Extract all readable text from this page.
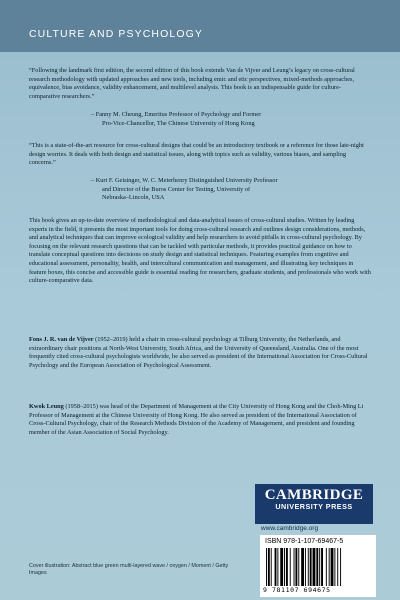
CULTURE AND PSYCHOLOGY
“Following the landmark first edition, the second edition of this book extends Van de Vijver and Leung’s legacy on cross-cultural research methodology with updated approaches and new tools, including emic and etic perspectives, mixed-methods approaches, equivalence, bias avoidance, validity enhancement, and multilevel analysis. This book is an indispensable guide for culture-comparative researchers.”
– Fanny M. Cheung, Emeritus Professor of Psychology and Former
Pro-Vice-Chancellor, The Chinese University of Hong Kong
“This is a state-of-the-art resource for cross-cultural designs that could be an introductory textbook or a reference for those late-night design worries. It deals with both design and statistical issues, along with topics such as validity, various biases, and sampling concerns.”
– Kurt F. Geisinger, W. C. Meierhenry Distinguished University Professor
and Director of the Buros Center for Testing, University of
Nebraska–Lincoln, USA
This book gives an up-to-date overview of methodological and data-analytical issues of cross-cultural studies. Written by leading experts in the field, it presents the most important tools for doing cross-cultural research and outlines design considerations, methods, and analytical techniques that can improve ecological validity and help researchers to avoid pitfalls in cross-cultural psychology. By focusing on the relevant research questions that can be tackled with particular methods, it provides practical guidance on how to translate conceptual questions into decisions on study design and statistical techniques. Featuring examples from cognitive and educational assessment, personality, health, and intercultural communication and management, and illustrating key techniques in feature boxes, this concise and accessible guide is essential reading for researchers, graduate students, and professionals who work with culture-comparative data.
Fons J. R. van de Vijver (1952–2019) held a chair in cross-cultural psychology at Tilburg University, the Netherlands, and extraordinary chair positions at North-West University, South Africa, and the University of Queensland, Australia. One of the most frequently cited cross-cultural psychologists worldwide, he also served as president of the International Association for Cross-Cultural Psychology and the European Association of Psychological Assessment.
Kwok Leung (1958–2015) was head of the Department of Management at the City University of Hong Kong and the Choh-Ming Li Professor of Management at the Chinese University of Hong Kong. He also served as president of the International Association of Cross-Cultural Psychology, chair of the Research Methods Division of the Academy of Management, and president and founding member of the Asian Association of Social Psychology.
CAMBRIDGE
UNIVERSITY PRESS
www.cambridge.org
ISBN 978-1-107-69467-5
9 781107 694675
Cover illustration: Abstract blue green multi-layered wave / oxygen / Moment / Getty Images
